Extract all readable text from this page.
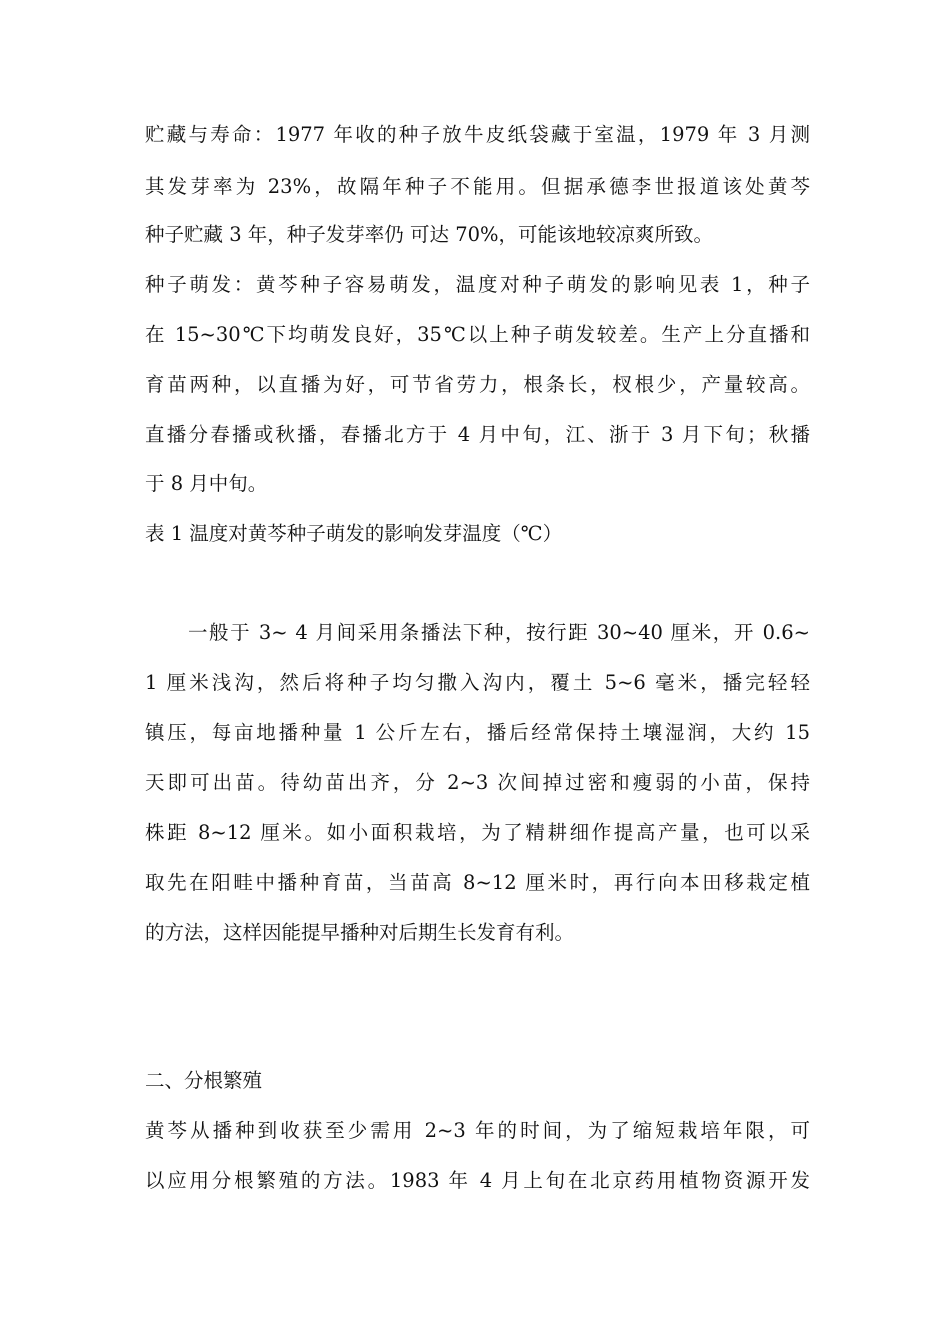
贮藏与寿命：1977 年收的种子放牛皮纸袋藏于室温，1979 年 3 月测
其发芽率为 23%，故隔年种子不能用。但据承德李世报道该处黄芩
种子贮藏 3 年，种子发芽率仍 可达 70%，可能该地较凉爽所致。
种子萌发：黄芩种子容易萌发，温度对种子萌发的影响见表 1，种子
在 15~30℃下均萌发良好，35℃以上种子萌发较差。生产上分直播和
育苗两种，以直播为好，可节省劳力，根条长，杈根少，产量较高。
直播分春播或秋播，春播北方于 4 月中旬，江、浙于 3 月下旬；秋播
于 8 月中旬。
表 1 温度对黄芩种子萌发的影响发芽温度（℃）
一般于 3~ 4 月间采用条播法下种，按行距 30~40 厘米，开 0.6~
1 厘米浅沟，然后将种子均匀撒入沟内，覆土 5~6 毫米，播完轻轻
镇压，每亩地播种量 1 公斤左右，播后经常保持土壤湿润，大约 15
天即可出苗。待幼苗出齐，分 2~3 次间掉过密和瘦弱的小苗，保持
株距 8~12 厘米。如小面积栽培，为了精耕细作提高产量，也可以采
取先在阳畦中播种育苗，当苗高 8~12 厘米时，再行向本田移栽定植
的方法，这样因能提早播种对后期生长发育有利。
二、分根繁殖
黄芩从播种到收获至少需用 2~3 年的时间，为了缩短栽培年限，可
以应用分根繁殖的方法。1983 年 4 月上旬在北京药用植物资源开发
